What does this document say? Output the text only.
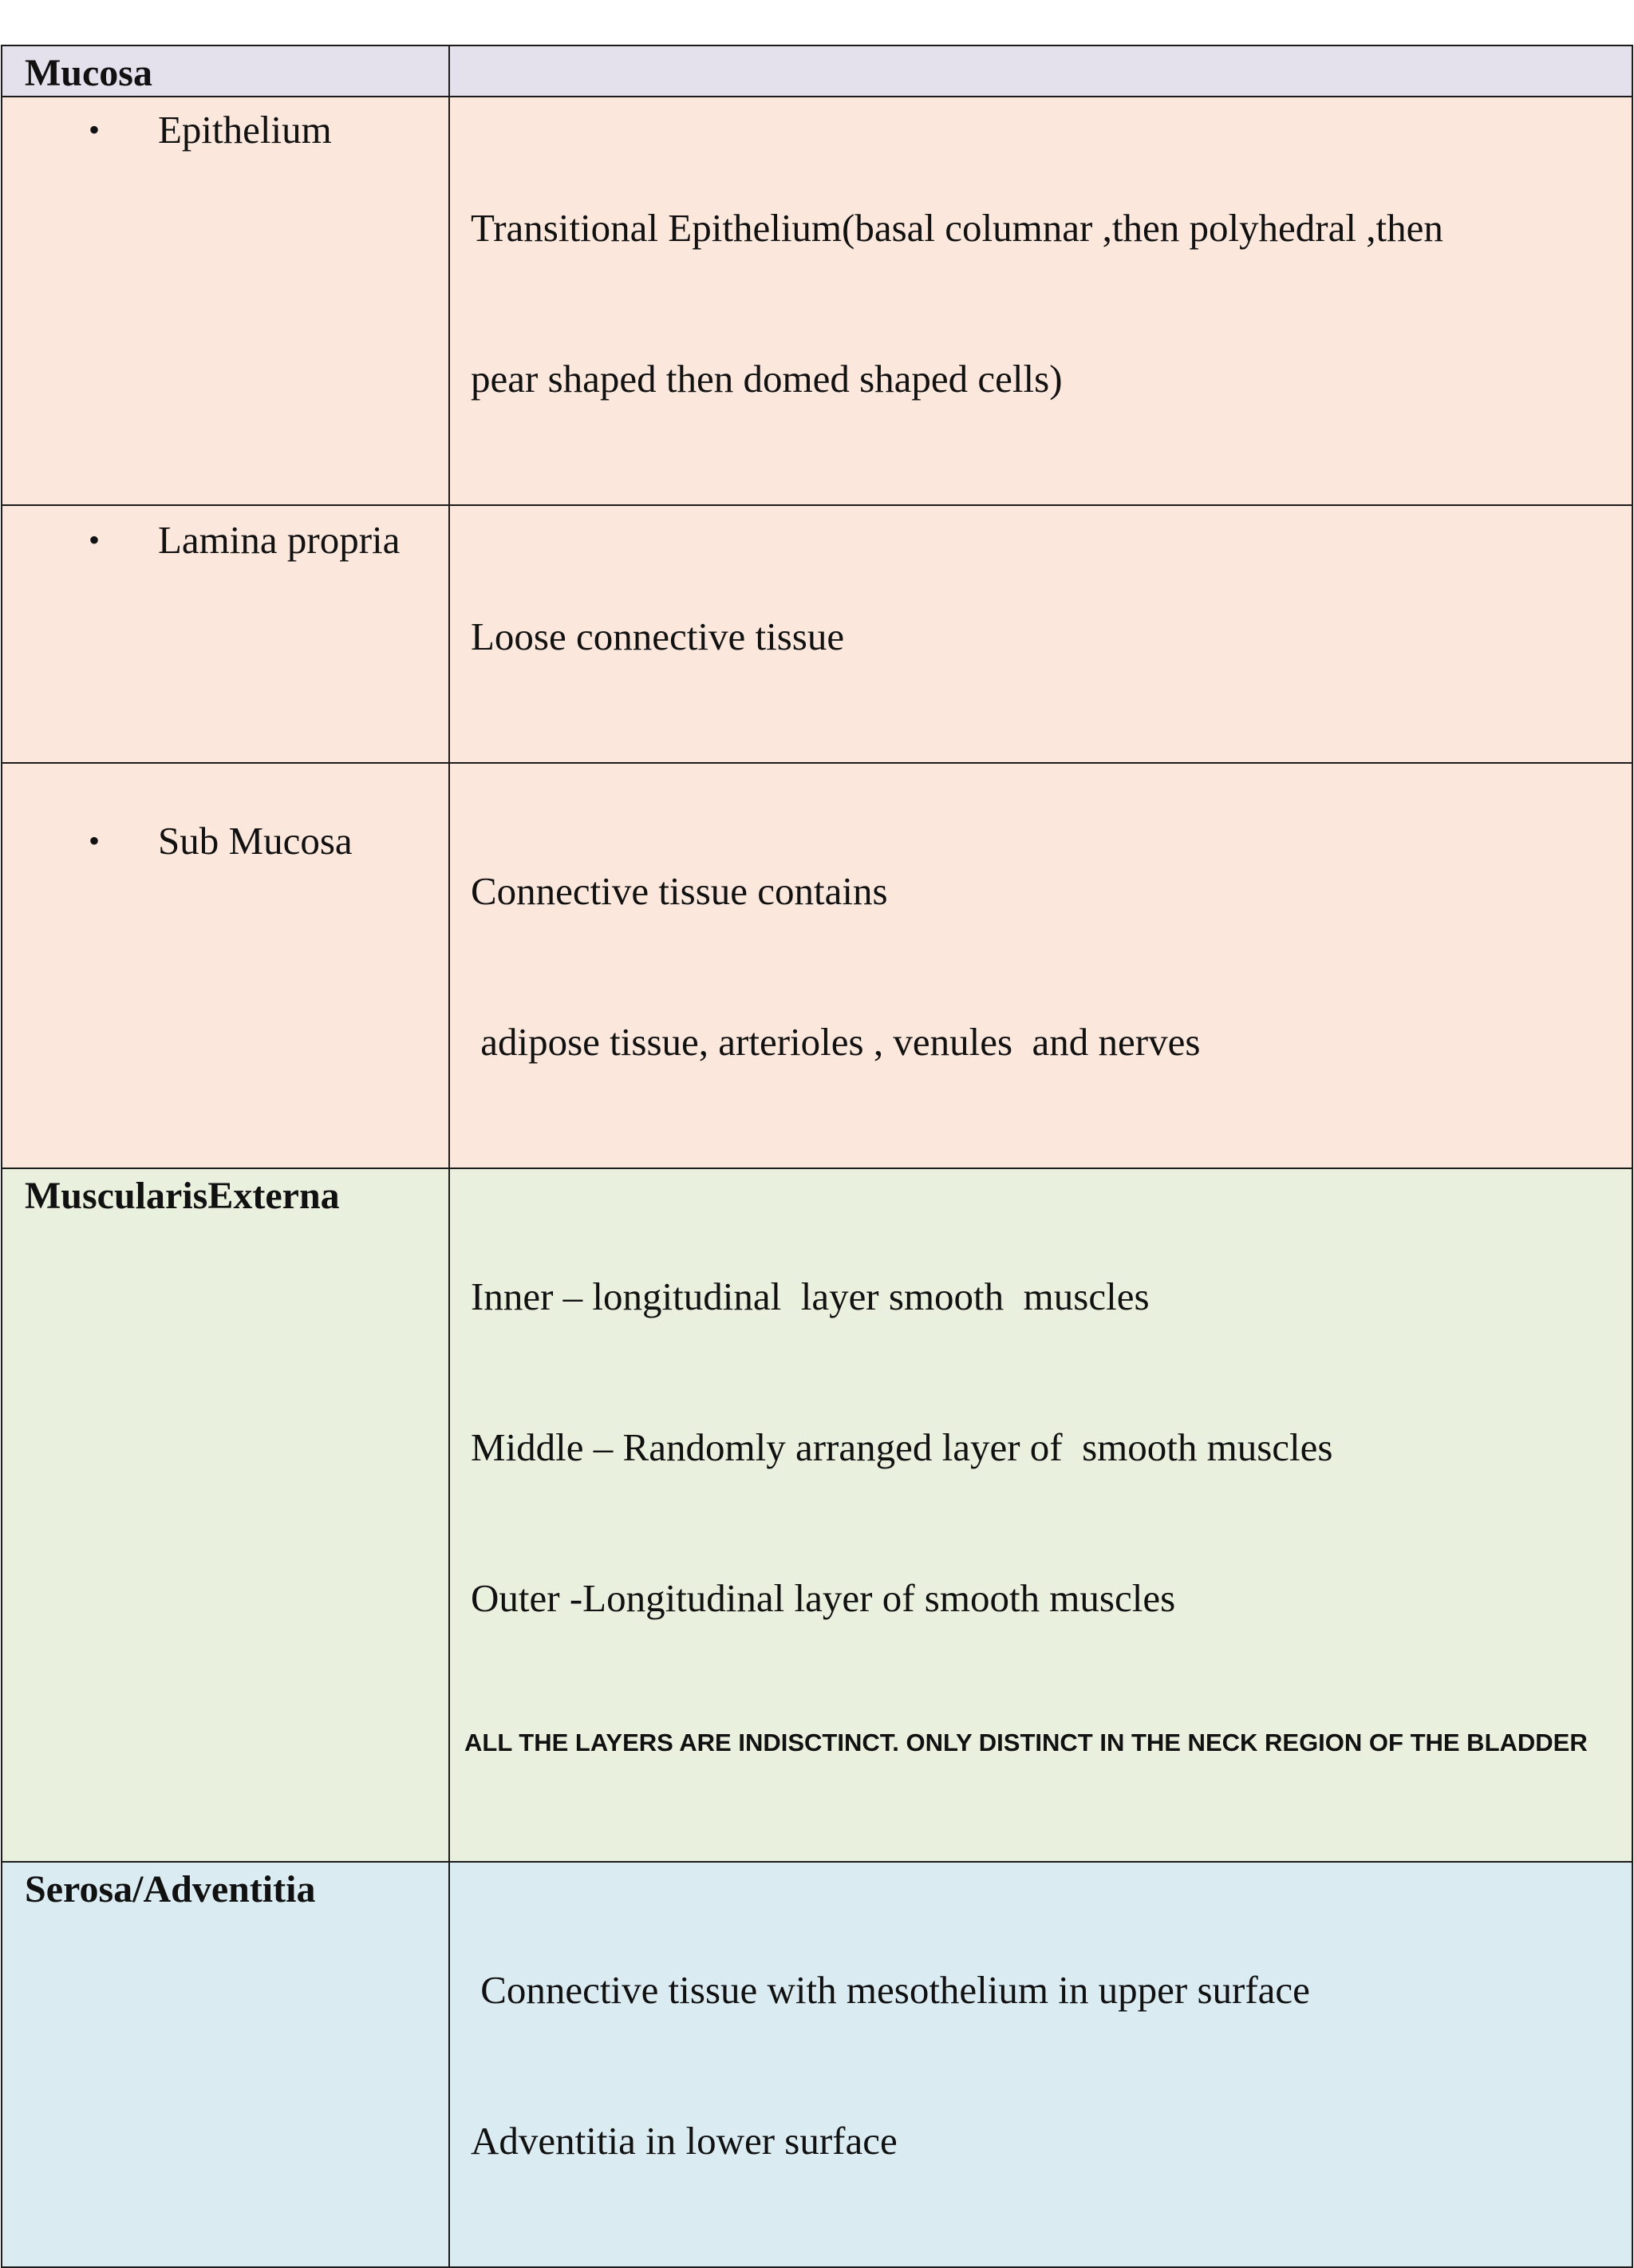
Mucosa	

• Epithelium	Transitional Epithelium(basal columnar ,then polyhedral ,then

pear shaped then domed shaped cells)

• Lamina propria	Loose connective tissue

• Sub Mucosa	Connective tissue contains

adipose tissue, arterioles , venules  and nerves

MuscularisExterna	Inner – longitudinal  layer smooth  muscles

Middle – Randomly arranged layer of  smooth muscles

Outer -Longitudinal layer of smooth muscles

ALL THE LAYERS ARE INDISCTINCT. ONLY DISTINCT IN THE NECK REGION OF THE BLADDER

Serosa/Adventitia	Connective tissue with mesothelium in upper surface

Adventitia in lower surface
